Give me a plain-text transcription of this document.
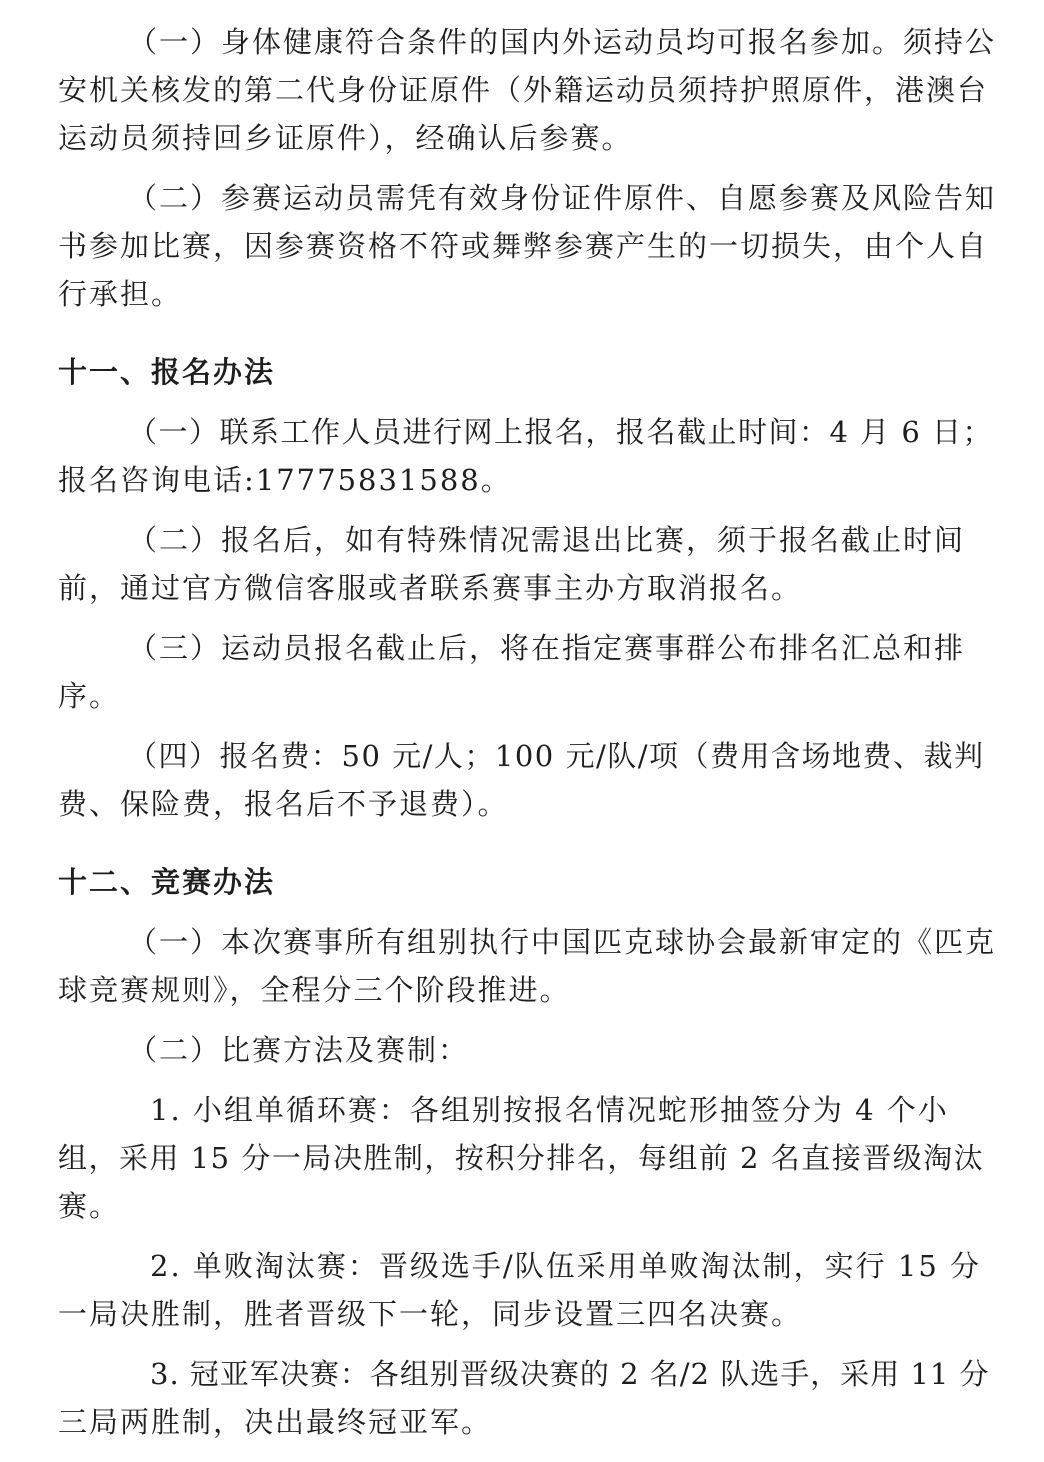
（一）身体健康符合条件的国内外运动员均可报名参加。须持公

安机关核发的第二代身份证原件（外籍运动员须持护照原件，港澳台

运动员须持回乡证原件），经确认后参赛。

（二）参赛运动员需凭有效身份证件原件、自愿参赛及风险告知

书参加比赛，因参赛资格不符或舞弊参赛产生的一切损失，由个人自

行承担。

十一、报名办法

（一）联系工作人员进行网上报名，报名截止时间：4 月 6 日；

报名咨询电话:17775831588。

（二）报名后，如有特殊情况需退出比赛，须于报名截止时间

前，通过官方微信客服或者联系赛事主办方取消报名。

（三）运动员报名截止后，将在指定赛事群公布排名汇总和排

序。

（四）报名费：50 元/人；100 元/队/项（费用含场地费、裁判

费、保险费，报名后不予退费）。

十二、竞赛办法

（一）本次赛事所有组别执行中国匹克球协会最新审定的《匹克

球竞赛规则》，全程分三个阶段推进。

（二）比赛方法及赛制：

1. 小组单循环赛：各组别按报名情况蛇形抽签分为 4 个小

组，采用 15 分一局决胜制，按积分排名，每组前 2 名直接晋级淘汰

赛。

2. 单败淘汰赛：晋级选手/队伍采用单败淘汰制，实行 15 分

一局决胜制，胜者晋级下一轮，同步设置三四名决赛。

3. 冠亚军决赛：各组别晋级决赛的 2 名/2 队选手，采用 11 分

三局两胜制，决出最终冠亚军。
